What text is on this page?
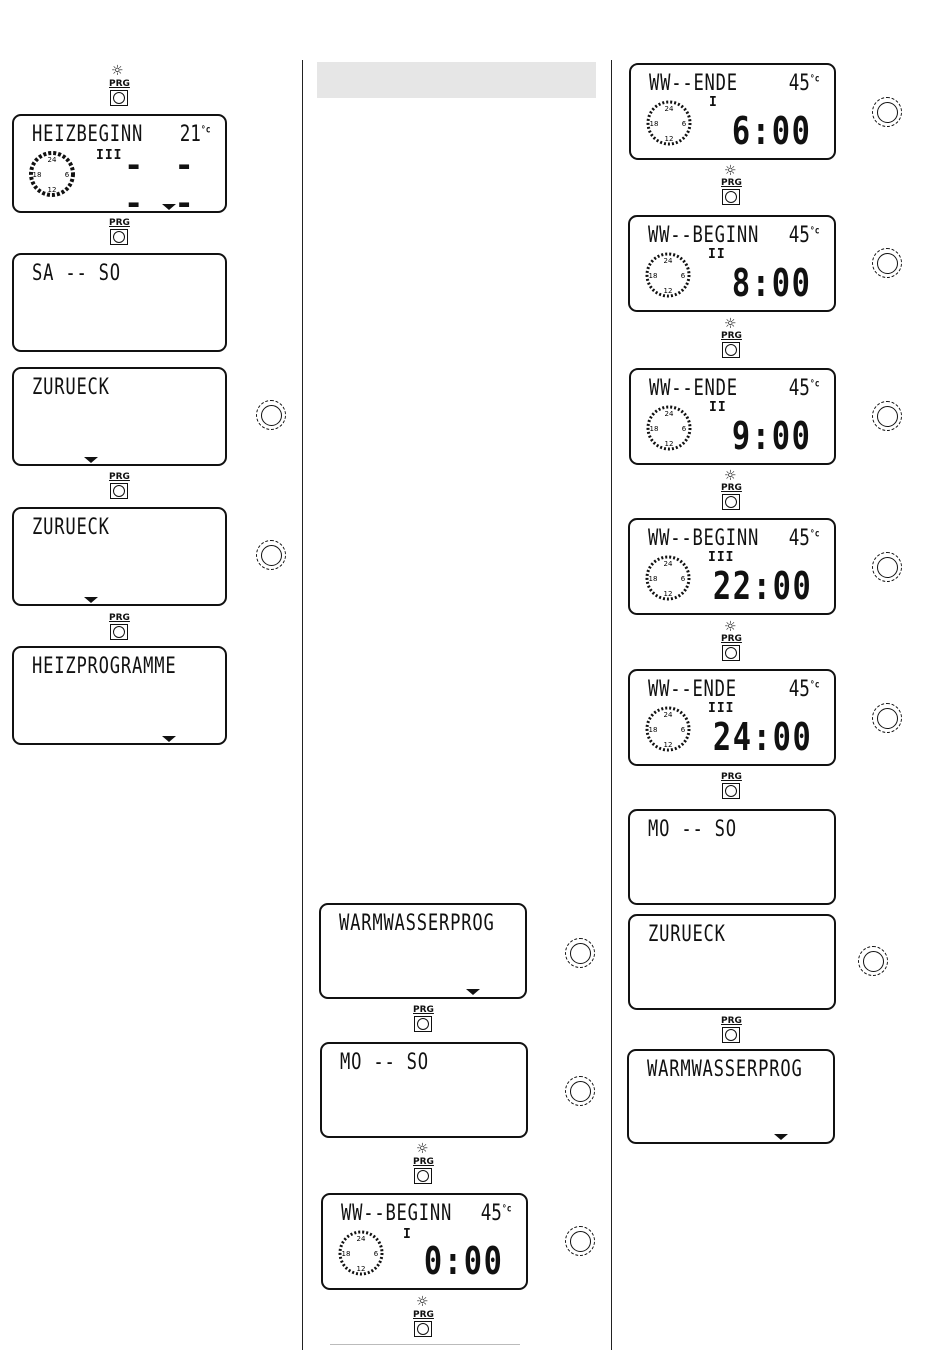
☼
PRG
HEIZBEGINN $21^{^\circ c}$
III - - - -
24
18	6
12
PRG
SA -- SO
ZURUECK
PRG
ZURUECK
PRG
HEIZPROGRAMME
WARMWASSERPROG
PRG
MO -- SO
☼
PRG
WW--BEGINN $45^{^\circ c}$
I
0:00
24
18	6
12
☼
PRG
WW--ENDE $45^{^\circ c}$
I
6:00
24
18	6
12
☼
PRG
WW--BEGINN $45^{^\circ c}$
II
8:00
24
18	6
12
☼
PRG
WW--ENDE $45^{^\circ c}$
II
9:00
24
18	6
12
☼
PRG
WW--BEGINN $45^{^\circ c}$
III
22:00
24
18	6
12
☼
PRG
WW--ENDE $45^{^\circ c}$
III
24:00
24
18	6
12
PRG
MO -- SO
ZURUECK
PRG
WARMWASSERPROG
